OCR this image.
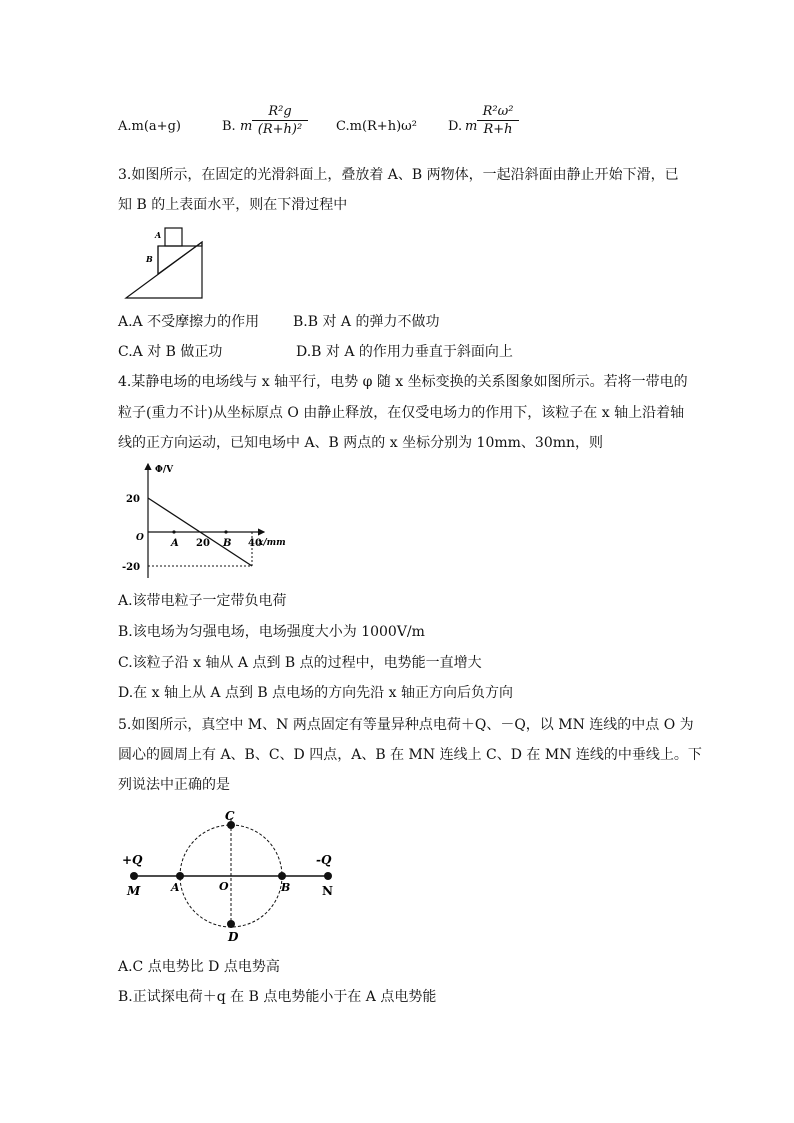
A.m(a+g)	B. m
R²g
(R+h)²	C.m(R+h)ω² D. m
R²ω²
R+h
3.如图所示，在固定的光滑斜面上，叠放着 A、B 两物体，一起沿斜面由静止开始下滑，已
知 B 的上表面水平，则在下滑过程中
A
B
A.A 不受摩擦力的作用 B.B 对 A 的弹力不做功
C.A 对 B 做正功	D.B 对 A 的作用力垂直于斜面向上
4.某静电场的电场线与 x 轴平行，电势 φ 随 x 坐标变换的关系图象如图所示。若将一带电的
粒子(重力不计)从坐标原点 O 由静止释放，在仅受电场力的作用下，该粒子在 x 轴上沿着轴
线的正方向运动，已知电场中 A、B 两点的 x 坐标分别为 10mm、30mn，则
Φ/V
x/mm
O
20
-20
20	40
A	B
A.该带电粒子一定带负电荷
B.该电场为匀强电场，电场强度大小为 1000V/m
C.该粒子沿 x 轴从 A 点到 B 点的过程中，电势能一直增大
D.在 x 轴上从 A 点到 B 点电场的方向先沿 x 轴正方向后负方向
5.如图所示，真空中 M、N 两点固定有等量异种点电荷＋Q、－Q，以 MN 连线的中点 O 为
圆心的圆周上有 A、B、C、D 四点，A、B 在 MN 连线上 C、D 在 MN 连线的中垂线上。下
列说法中正确的是
+Q	-Q
M	N
A	B
O
C
D
A.C 点电势比 D 点电势高
B.正试探电荷＋q 在 B 点电势能小于在 A 点电势能
